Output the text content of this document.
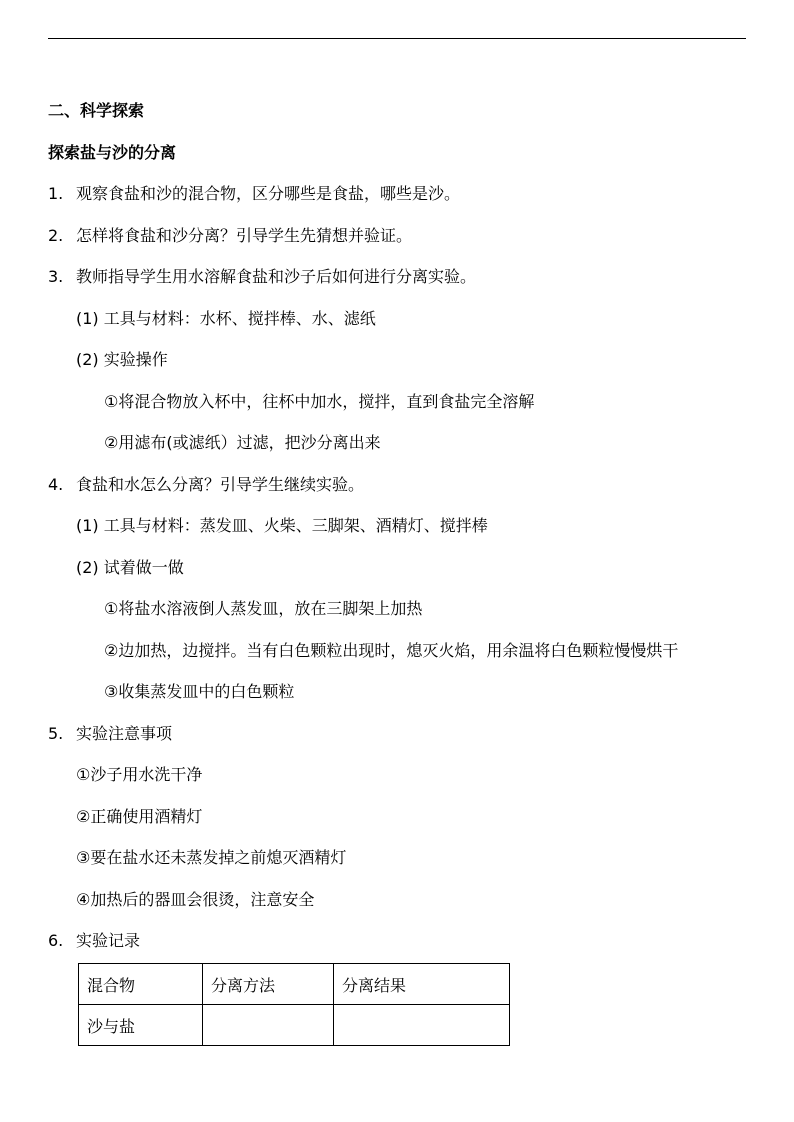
二、科学探索
探索盐与沙的分离
1. 观察食盐和沙的混合物，区分哪些是食盐，哪些是沙。
2. 怎样将食盐和沙分离？引导学生先猜想并验证。
3. 教师指导学生用水溶解食盐和沙子后如何进行分离实验。
(1) 工具与材料：水杯、搅拌棒、水、滤纸
(2) 实验操作
①将混合物放入杯中，往杯中加水，搅拌，直到食盐完全溶解
②用滤布(或滤纸）过滤，把沙分离出来
4. 食盐和水怎么分离？引导学生继续实验。
(1) 工具与材料：蒸发皿、火柴、三脚架、酒精灯、搅拌棒
(2) 试着做一做
①将盐水溶液倒人蒸发皿，放在三脚架上加热
②边加热，边搅拌。当有白色颗粒出现时，熄灭火焰，用余温将白色颗粒慢慢烘干
③收集蒸发皿中的白色颗粒
5. 实验注意事项
①沙子用水洗干净
②正确使用酒精灯
③要在盐水还未蒸发掉之前熄灭酒精灯
④加热后的器皿会很烫，注意安全
6. 实验记录
混合物	分离方法	分离结果
沙与盐		
